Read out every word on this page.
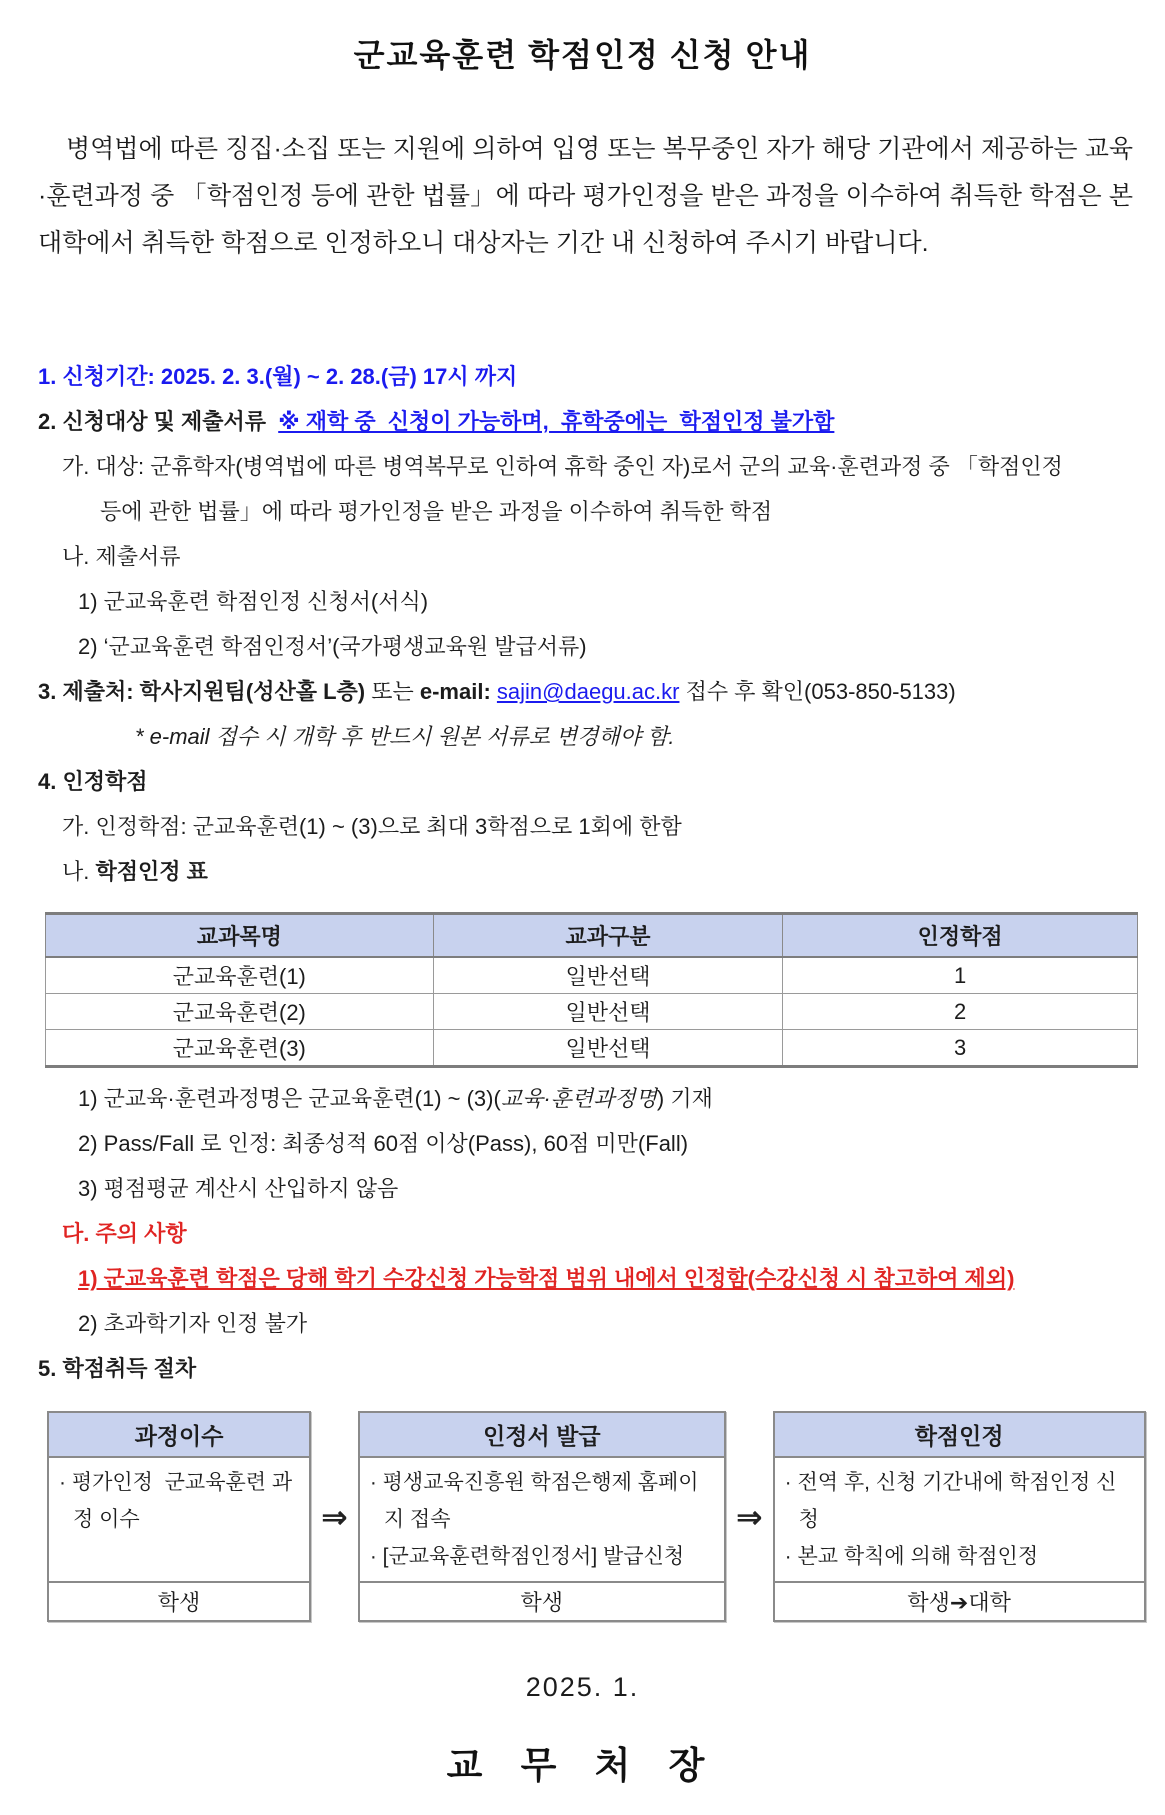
군교육훈련 학점인정 신청 안내
병역법에 따른 징집·소집 또는 지원에 의하여 입영 또는 복무중인 자가 해당 기관에서 제공하는 교육·훈련과정 중 「학점인정 등에 관한 법률」에 따라 평가인정을 받은 과정을 이수하여 취득한 학점은 본 대학에서 취득한 학점으로 인정하오니 대상자는 기간 내 신청하여 주시기 바랍니다.
1. 신청기간: 2025. 2. 3.(월) ~ 2. 28.(금) 17시 까지
2. 신청대상 및 제출서류 ※ 재학 중  신청이 가능하며,  휴학중에는  학점인정 불가함
가. 대상: 군휴학자(병역법에 따른 병역복무로 인하여 휴학 중인 자)로서 군의 교육·훈련과정 중 「학점인정
등에 관한 법률」에 따라 평가인정을 받은 과정을 이수하여 취득한 학점
나. 제출서류
1) 군교육훈련 학점인정 신청서(서식)
2) ‘군교육훈련 학점인정서’(국가평생교육원 발급서류)
3. 제출처: 학사지원팀(성산홀 L층) 또는 e-mail: sajin@daegu.ac.kr 접수 후 확인(053-850-5133)
* e-mail 접수 시 개학 후 반드시 원본 서류로 변경해야 함.
4. 인정학점
가. 인정학점: 군교육훈련(1) ~ (3)으로 최대 3학점으로 1회에 한함
나. 학점인정 표
교과목명	교과구분	인정학점
군교육훈련(1)	일반선택	1
군교육훈련(2)	일반선택	2
군교육훈련(3)	일반선택	3
1) 군교육·훈련과정명은 군교육훈련(1) ~ (3)(교육·훈련과정명) 기재
2) Pass/Fall 로 인정: 최종성적 60점 이상(Pass), 60점 미만(Fall)
3) 평점평균 계산시 산입하지 않음
다. 주의 사항
1) 군교육훈련 학점은 당해 학기 수강신청 가능학점 범위 내에서 인정함(수강신청 시 참고하여 제외)
2) 초과학기자 인정 불가
5. 학점취득 절차
과정이수
· 평가인정  군교육훈련 과정 이수
학생
⇒
인정서 발급
· 평생교육진흥원 학점은행제 홈페이지 접속
· [군교육훈련학점인정서] 발급신청
학생
⇒
학점인정
· 전역 후, 신청 기간내에 학점인정 신청
· 본교 학칙에 의해 학점인정
학생➔대학
2025. 1.
교 무 처 장
